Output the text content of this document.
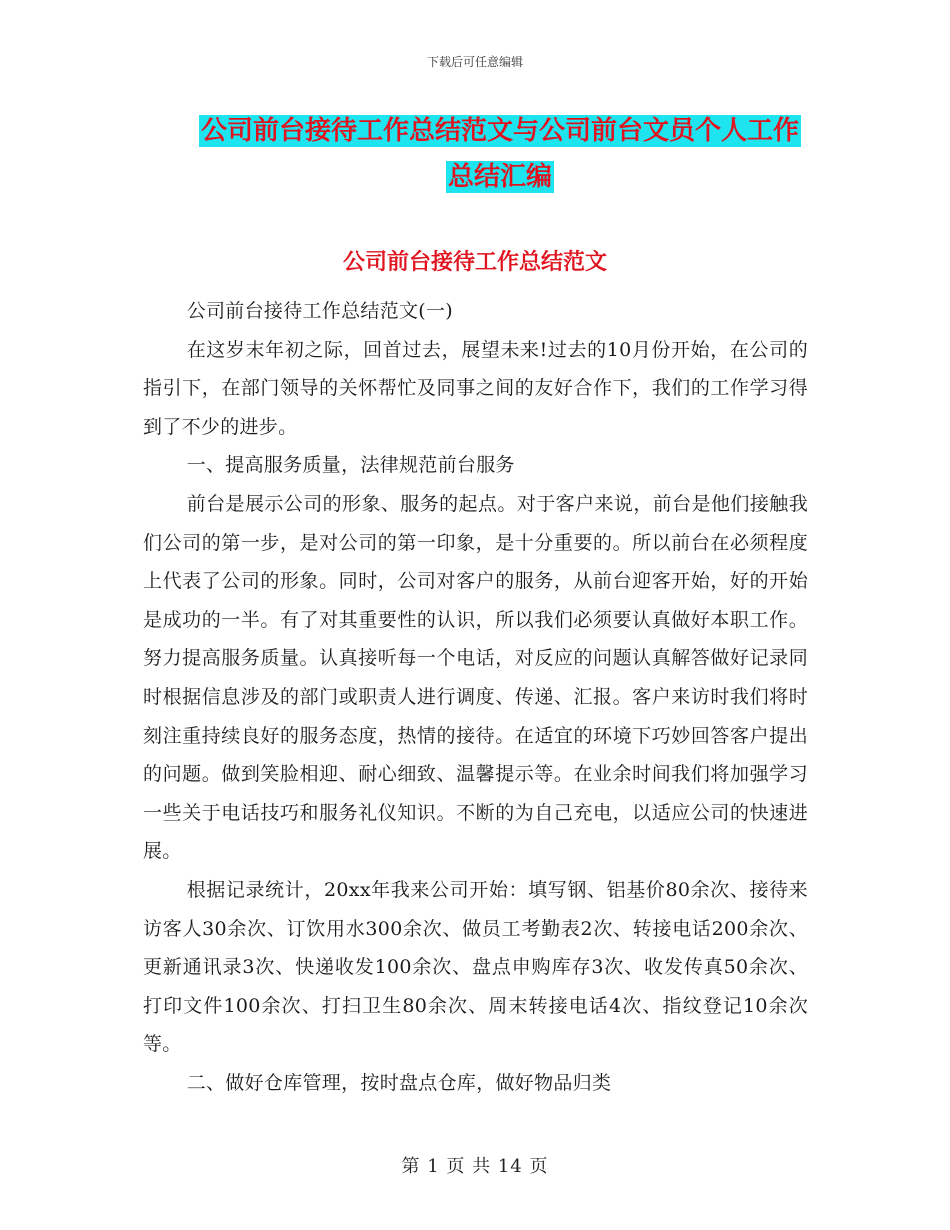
下载后可任意编辑
公司前台接待工作总结范文与公司前台文员个人工作
总结汇编
公司前台接待工作总结范文

公司前台接待工作总结范文(一)

在这岁末年初之际，回首过去，展望未来!过去的10月份开始，在公司的指引下，在部门领导的关怀帮忙及同事之间的友好合作下，我们的工作学习得到了不少的进步。

一、提高服务质量，法律规范前台服务

前台是展示公司的形象、服务的起点。对于客户来说，前台是他们接触我们公司的第一步，是对公司的第一印象，是十分重要的。所以前台在必须程度上代表了公司的形象。同时，公司对客户的服务，从前台迎客开始，好的开始是成功的一半。有了对其重要性的认识，所以我们必须要认真做好本职工作。努力提高服务质量。认真接听每一个电话，对反应的问题认真解答做好记录同时根据信息涉及的部门或职责人进行调度、传递、汇报。客户来访时我们将时刻注重持续良好的服务态度，热情的接待。在适宜的环境下巧妙回答客户提出的问题。做到笑脸相迎、耐心细致、温馨提示等。在业余时间我们将加强学习一些关于电话技巧和服务礼仪知识。不断的为自己充电，以适应公司的快速进展。

根据记录统计，20xx年我来公司开始：填写钢、铝基价80余次、接待来访客人30余次、订饮用水300余次、做员工考勤表2次、转接电话200余次、更新通讯录3次、快递收发100余次、盘点申购库存3次、收发传真50余次、打印文件100余次、打扫卫生80余次、周末转接电话4次、指纹登记10余次等。

二、做好仓库管理，按时盘点仓库，做好物品归类

第 1 页 共 14 页
